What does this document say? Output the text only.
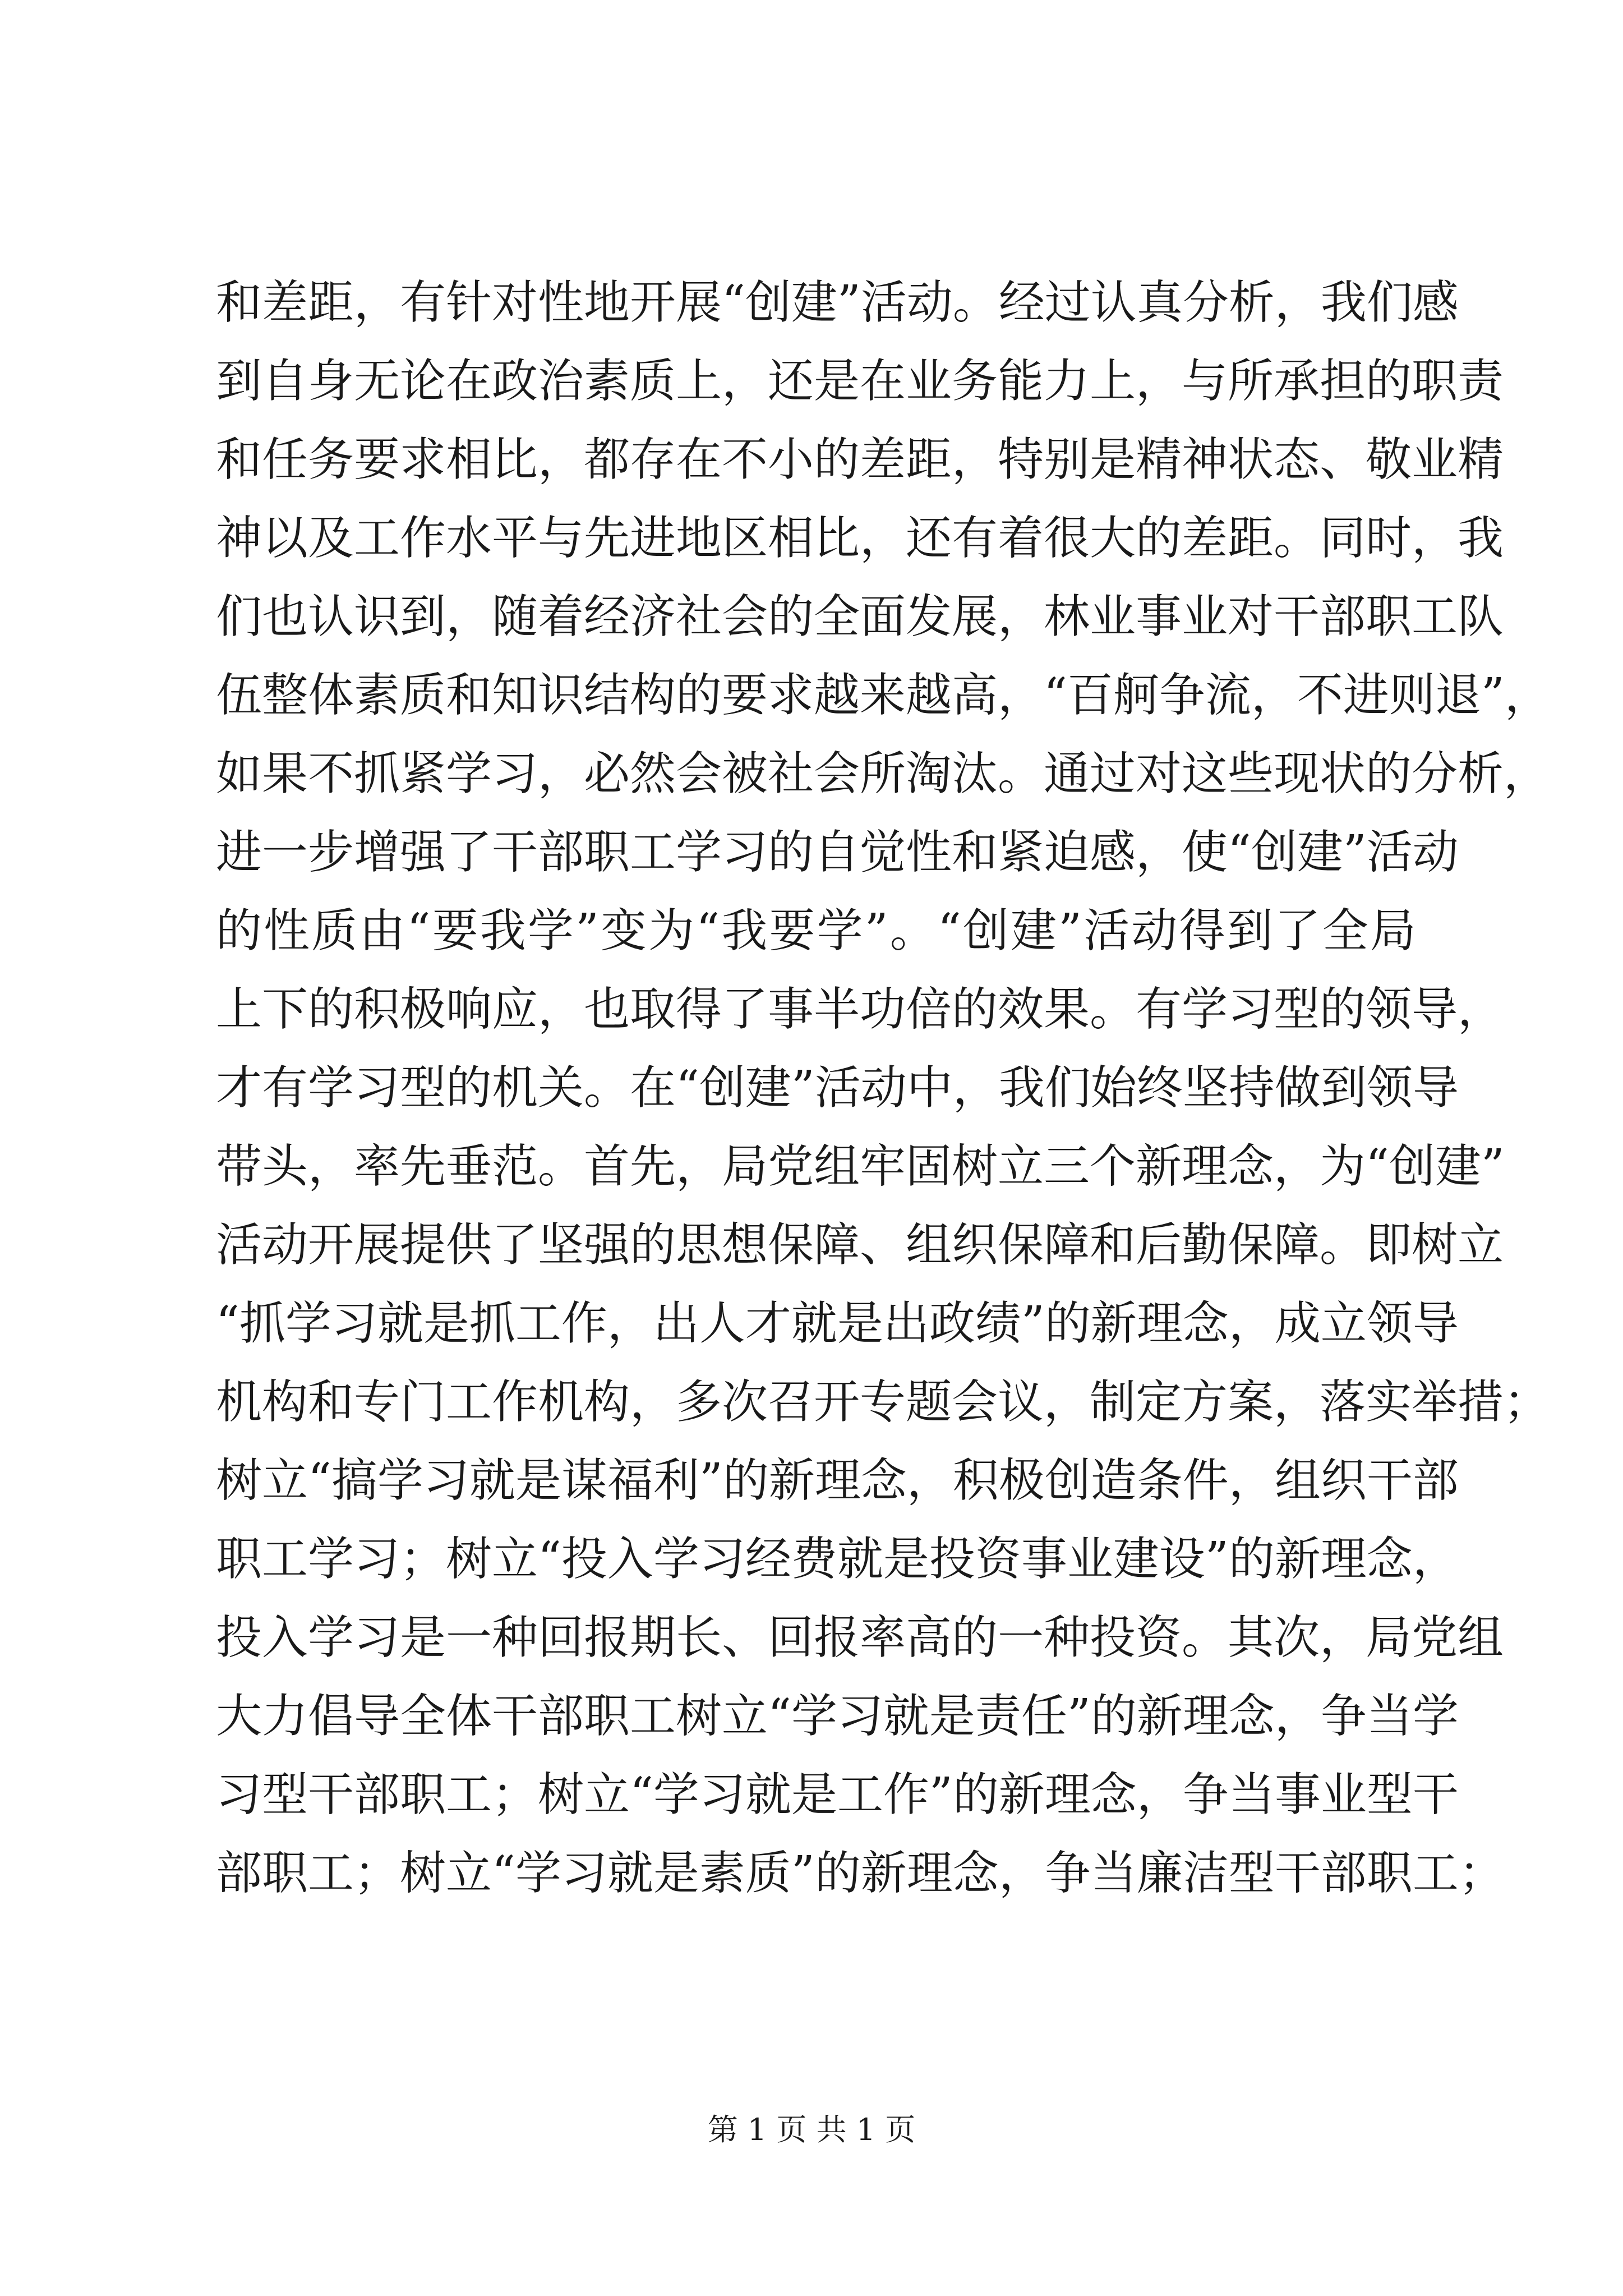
和差距，有针对性地开展“创建”活动。经过认真分析，我们感
到自身无论在政治素质上，还是在业务能力上，与所承担的职责
和任务要求相比，都存在不小的差距，特别是精神状态、敬业精
神以及工作水平与先进地区相比，还有着很大的差距。同时，我
们也认识到，随着经济社会的全面发展，林业事业对干部职工队
伍整体素质和知识结构的要求越来越高，“百舸争流，不进则退”，
如果不抓紧学习，必然会被社会所淘汰。通过对这些现状的分析，
进一步增强了干部职工学习的自觉性和紧迫感，使“创建”活动
的性质由“要我学”变为“我要学”。“创建”活动得到了全局
上下的积极响应，也取得了事半功倍的效果。有学习型的领导，
才有学习型的机关。在“创建”活动中，我们始终坚持做到领导
带头，率先垂范。首先，局党组牢固树立三个新理念，为“创建”
活动开展提供了坚强的思想保障、组织保障和后勤保障。即树立
“抓学习就是抓工作，出人才就是出政绩”的新理念，成立领导
机构和专门工作机构，多次召开专题会议，制定方案，落实举措；
树立“搞学习就是谋福利”的新理念，积极创造条件，组织干部
职工学习；树立“投入学习经费就是投资事业建设”的新理念，
投入学习是一种回报期长、回报率高的一种投资。其次，局党组
大力倡导全体干部职工树立“学习就是责任”的新理念，争当学
习型干部职工；树立“学习就是工作”的新理念，争当事业型干
部职工；树立“学习就是素质”的新理念，争当廉洁型干部职工；
第 1 页 共 1 页
